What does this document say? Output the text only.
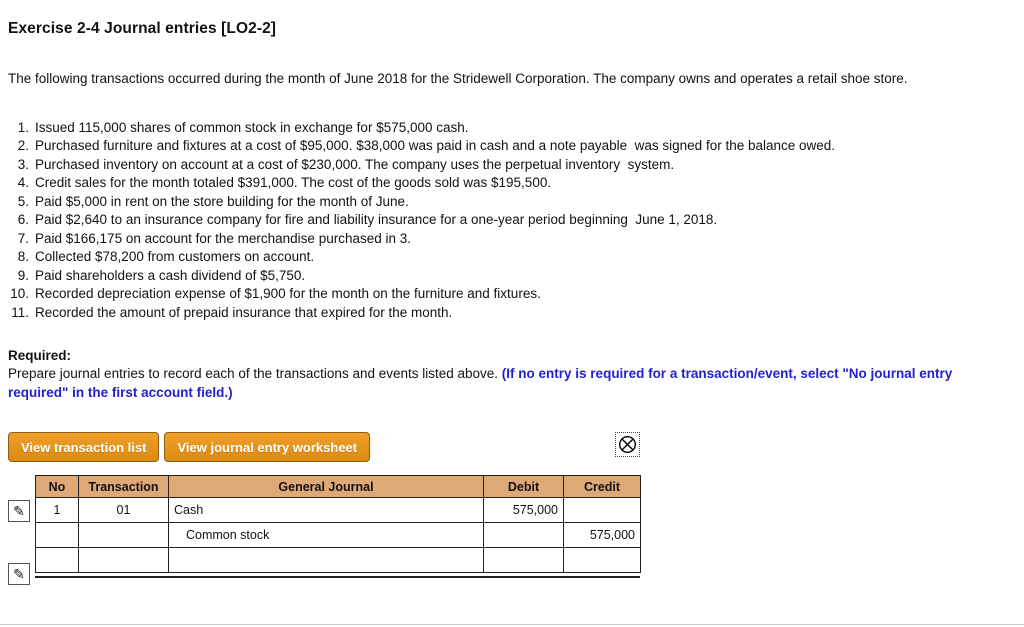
Exercise 2-4 Journal entries [LO2-2]

The following transactions occurred during the month of June 2018 for the Stridewell Corporation. The company owns and operates a retail shoe store.

1. Issued 115,000 shares of common stock in exchange for $575,000 cash.
2. Purchased furniture and fixtures at a cost of $95,000. $38,000 was paid in cash and a note payable  was signed for the balance owed.
3. Purchased inventory on account at a cost of $230,000. The company uses the perpetual inventory  system.
4. Credit sales for the month totaled $391,000. The cost of the goods sold was $195,500.
5. Paid $5,000 in rent on the store building for the month of June.
6. Paid $2,640 to an insurance company for fire and liability insurance for a one-year period beginning  June 1, 2018.
7. Paid $166,175 on account for the merchandise purchased in 3.
8. Collected $78,200 from customers on account.
9. Paid shareholders a cash dividend of $5,750.
10. Recorded depreciation expense of $1,900 for the month on the furniture and fixtures.
11. Recorded the amount of prepaid insurance that expired for the month.

Required:

Prepare journal entries to record each of the transactions and events listed above. (If no entry is required for a transaction/event, select "No journal entry required" in the first account field.)

View transaction list	View journal entry worksheet
✎
✎
No	Transaction	General Journal	Debit	Credit
1	01	Cash	575,000	
		Common stock		575,000
